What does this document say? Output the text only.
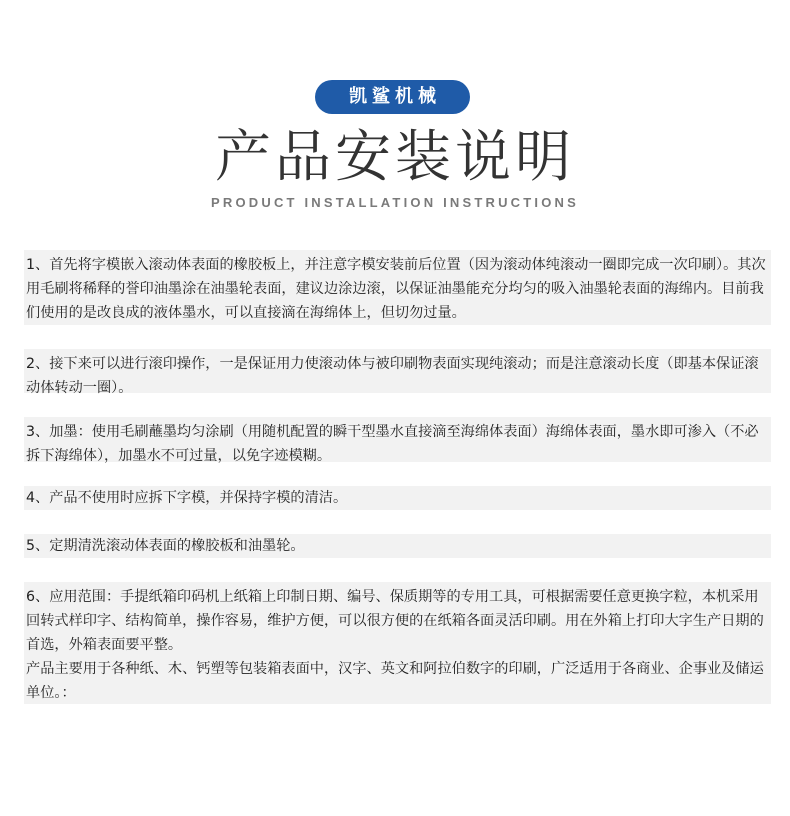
凯鲨机械
产品安装说明
PRODUCT INSTALLATION INSTRUCTIONS

1、首先将字模嵌入滚动体表面的橡胶板上，并注意字模安装前后位置（因为滚动体纯滚动一圈即完成一次印刷）。其次用毛刷将稀释的誉印油墨涂在油墨轮表面，建议边涂边滚，以保证油墨能充分均匀的吸入油墨轮表面的海绵内。目前我们使用的是改良成的液体墨水，可以直接滴在海绵体上，但切勿过量。

2、接下来可以进行滚印操作，一是保证用力使滚动体与被印刷物表面实现纯滚动；而是注意滚动长度（即基本保证滚动体转动一圈）。

3、加墨：使用毛刷蘸墨均匀涂刷（用随机配置的瞬干型墨水直接滴至海绵体表面）海绵体表面，墨水即可渗入（不必拆下海绵体），加墨水不可过量，以免字迹模糊。

4、产品不使用时应拆下字模，并保持字模的清洁。

5、定期清洗滚动体表面的橡胶板和油墨轮。

6、应用范围：手提纸箱印码机上纸箱上印制日期、编号、保质期等的专用工具，可根据需要任意更换字粒，本机采用回转式样印字、结构简单，操作容易，维护方便，可以很方便的在纸箱各面灵活印刷。用在外箱上打印大字生产日期的首选，外箱表面要平整。

产品主要用于各种纸、木、钙塑等包装箱表面中，汉字、英文和阿拉伯数字的印刷，广泛适用于各商业、企事业及储运单位。：
